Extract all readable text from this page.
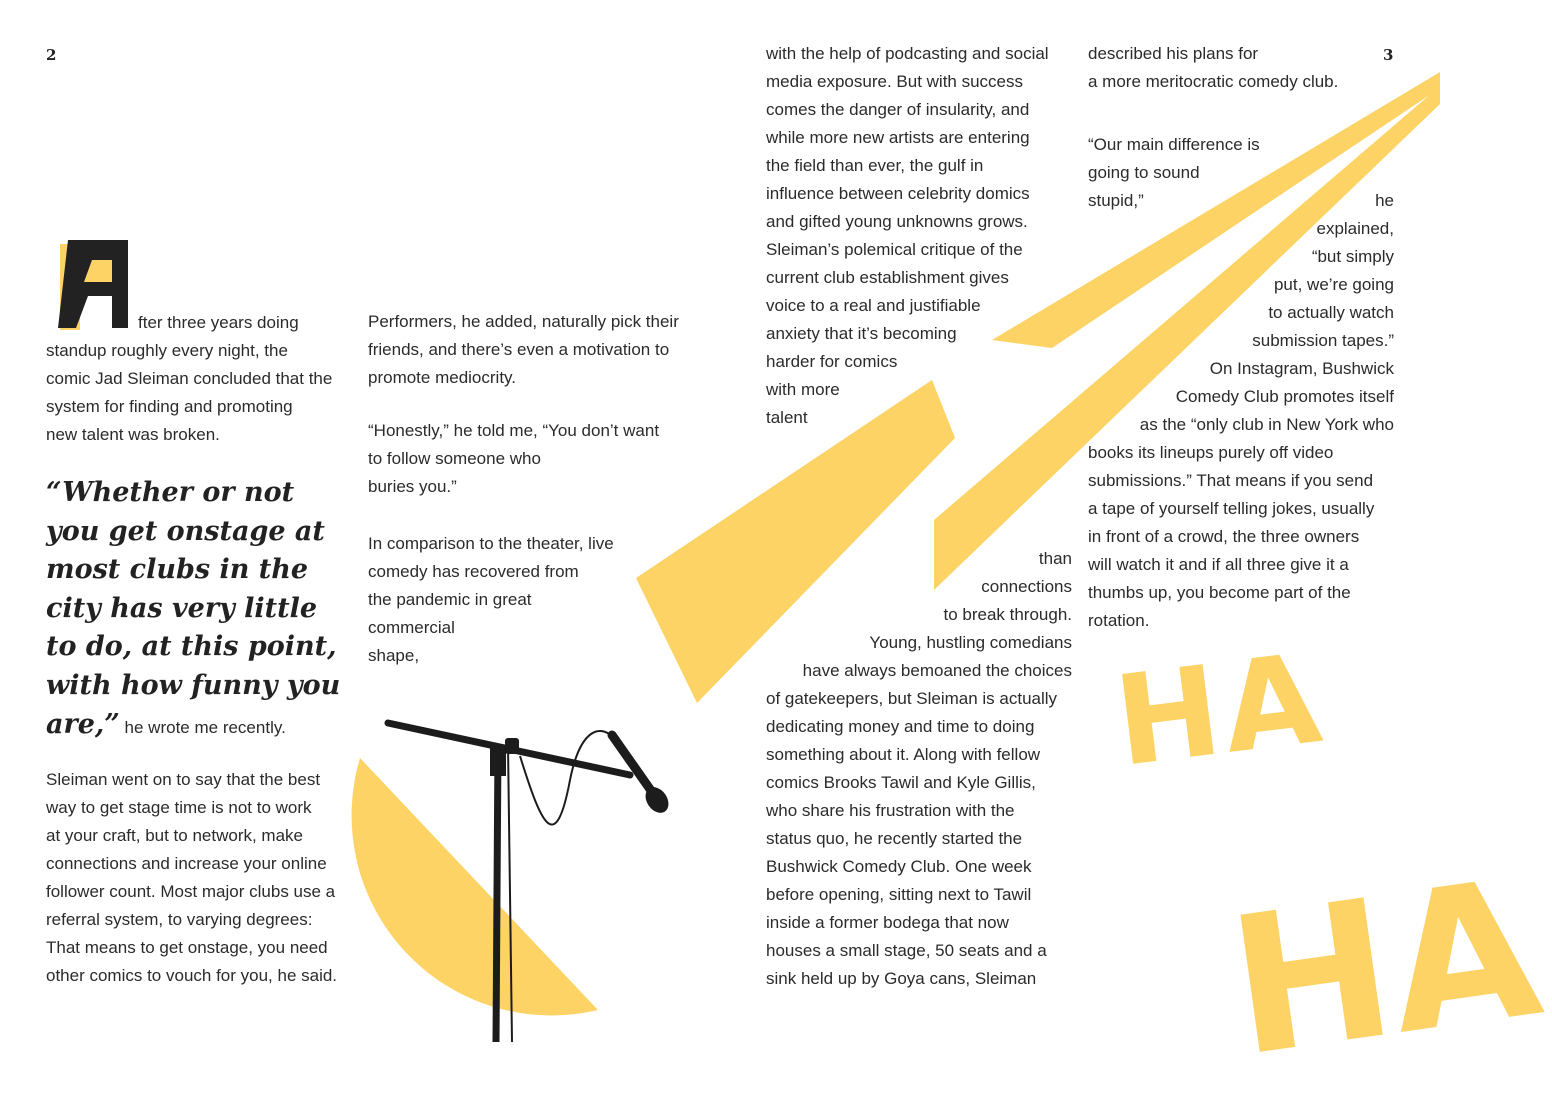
HA
HA
2	3
fter three years doing
standup roughly every night, the
comic Jad Sleiman concluded that the
system for finding and promoting
new talent was broken.
“Whether or not
you get onstage at
most clubs in the
city has very little
to do, at this point,
with how funny you
are,” he wrote me recently.
Sleiman went on to say that the best
way to get stage time is not to work
at your craft, but to network, make
connections and increase your online
follower count. Most major clubs use a
referral system, to varying degrees:
That means to get onstage, you need
other comics to vouch for you, he said.
Performers, he added, naturally pick their
friends, and there’s even a motivation to
promote mediocrity.
“Honestly,” he told me, “You don’t want
to follow someone who
buries you.”
In comparison to the theater, live
comedy has recovered from
the pandemic in great
commercial
shape,
with the help of podcasting and social
media exposure. But with success
comes the danger of insularity, and
while more new artists are entering
the field than ever, the gulf in
influence between celebrity domics
and gifted young unknowns grows.
Sleiman’s polemical critique of the
current club establishment gives
voice to a real and justifiable
anxiety that it’s becoming
harder for comics
with more
talent
than
connections
to break through.
Young, hustling comedians
have always bemoaned the choices
of gatekeepers, but Sleiman is actually
dedicating money and time to doing
something about it. Along with fellow
comics Brooks Tawil and Kyle Gillis,
who share his frustration with the
status quo, he recently started the
Bushwick Comedy Club. One week
before opening, sitting next to Tawil
inside a former bodega that now
houses a small stage, 50 seats and a
sink held up by Goya cans, Sleiman
described his plans for
a more meritocratic comedy club.
“Our main difference is
going to sound
stupid,”	he
explained,
“but simply
put, we’re going
to actually watch
submission tapes.”
On Instagram, Bushwick
Comedy Club promotes itself
as the “only club in New York who
books its lineups purely off video
submissions.” That means if you send
a tape of yourself telling jokes, usually
in front of a crowd, the three owners
will watch it and if all three give it a
thumbs up, you become part of the
rotation.
